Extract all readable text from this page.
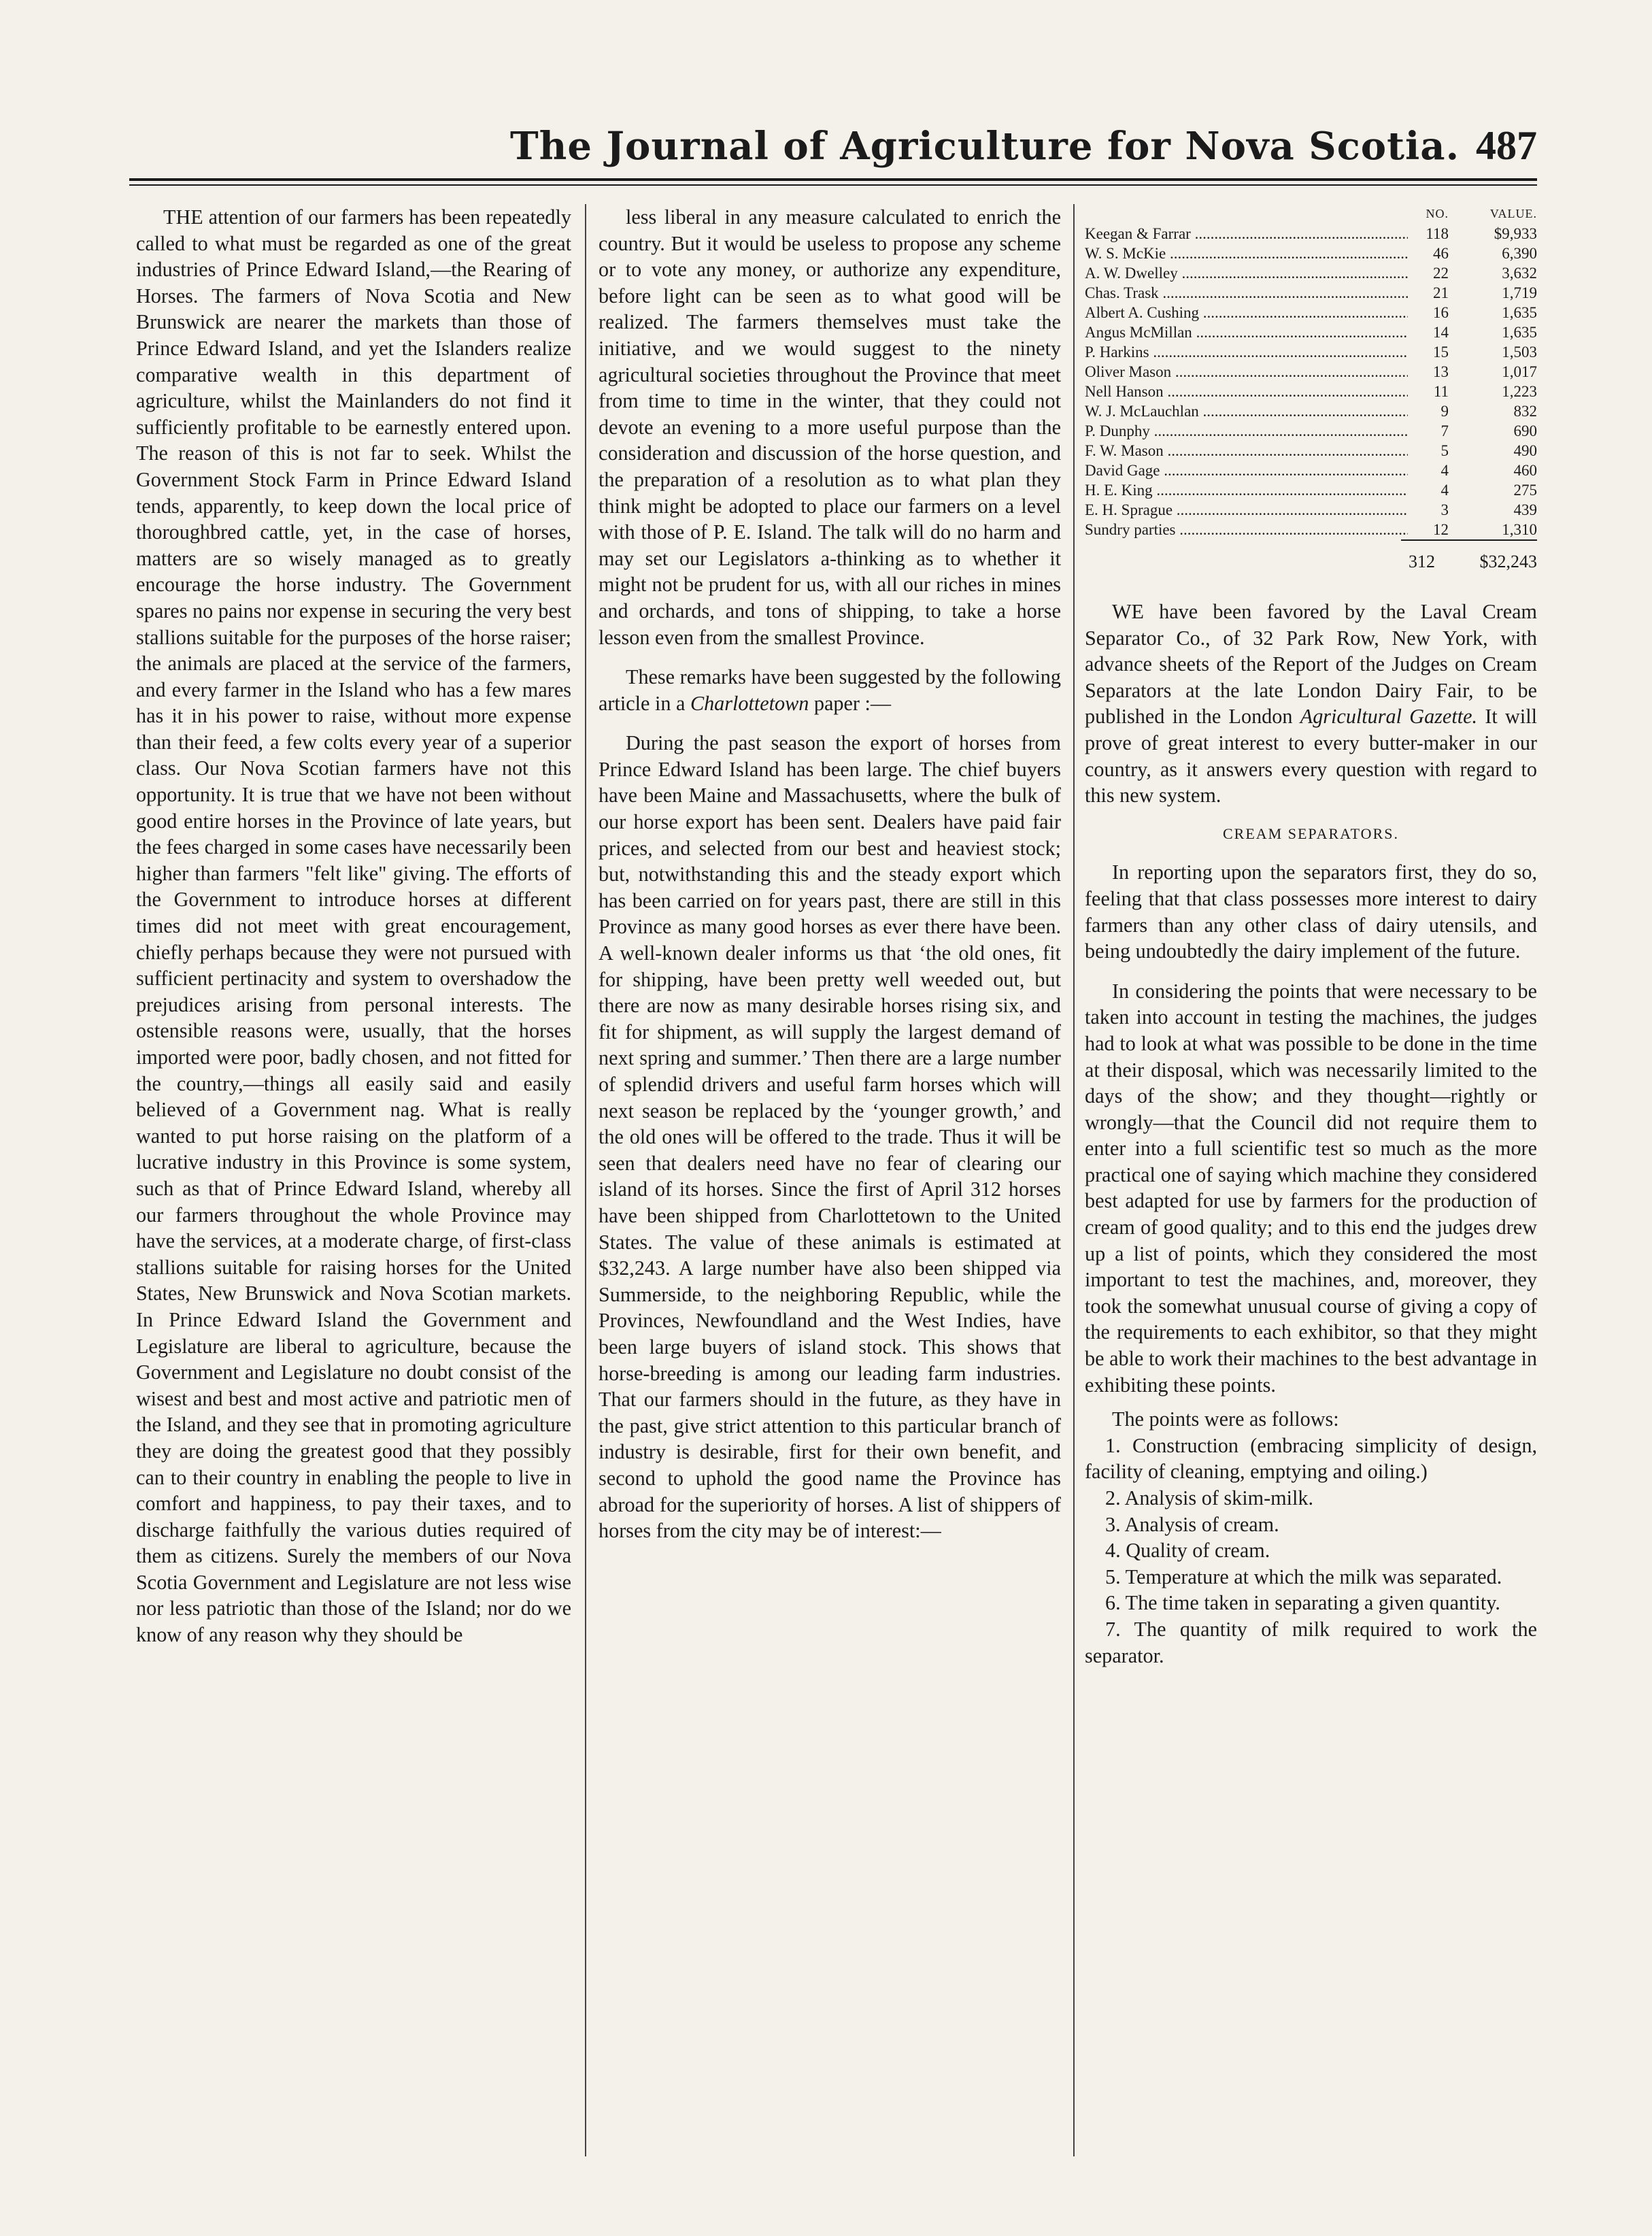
The Journal of Agriculture for Nova Scotia. 487

THE attention of our farmers has been repeatedly called to what must be regarded as one of the great industries of Prince Edward Island,—the Rearing of Horses. The farmers of Nova Scotia and New Brunswick are nearer the markets than those of Prince Edward Island, and yet the Islanders realize comparative wealth in this department of agriculture, whilst the Mainlanders do not find it sufficiently profitable to be earnestly entered upon. The reason of this is not far to seek. Whilst the Government Stock Farm in Prince Edward Island tends, apparently, to keep down the local price of thoroughbred cattle, yet, in the case of horses, matters are so wisely managed as to greatly encourage the horse industry. The Government spares no pains nor expense in securing the very best stallions suitable for the purposes of the horse raiser; the animals are placed at the service of the farmers, and every farmer in the Island who has a few mares has it in his power to raise, without more expense than their feed, a few colts every year of a superior class. Our Nova Scotian farmers have not this opportunity. It is true that we have not been without good entire horses in the Province of late years, but the fees charged in some cases have necessarily been higher than farmers "felt like" giving. The efforts of the Government to introduce horses at different times did not meet with great encouragement, chiefly perhaps because they were not pursued with sufficient pertinacity and system to overshadow the prejudices arising from personal interests. The ostensible reasons were, usually, that the horses imported were poor, badly chosen, and not fitted for the country,—things all easily said and easily believed of a Government nag. What is really wanted to put horse raising on the platform of a lucrative industry in this Province is some system, such as that of Prince Edward Island, whereby all our farmers throughout the whole Province may have the services, at a moderate charge, of first-class stallions suitable for raising horses for the United States, New Brunswick and Nova Scotian markets. In Prince Edward Island the Government and Legislature are liberal to agriculture, because the Government and Legislature no doubt consist of the wisest and best and most active and patriotic men of the Island, and they see that in promoting agriculture they are doing the greatest good that they possibly can to their country in enabling the people to live in comfort and happiness, to pay their taxes, and to discharge faithfully the various duties required of them as citizens. Surely the members of our Nova Scotia Government and Legislature are not less wise nor less patriotic than those of the Island; nor do we know of any reason why they should be

less liberal in any measure calculated to enrich the country. But it would be useless to propose any scheme or to vote any money, or authorize any expenditure, before light can be seen as to what good will be realized. The farmers themselves must take the initiative, and we would suggest to the ninety agricultural societies throughout the Province that meet from time to time in the winter, that they could not devote an evening to a more useful purpose than the consideration and discussion of the horse question, and the preparation of a resolution as to what plan they think might be adopted to place our farmers on a level with those of P. E. Island. The talk will do no harm and may set our Legislators a-thinking as to whether it might not be prudent for us, with all our riches in mines and orchards, and tons of shipping, to take a horse lesson even from the smallest Province.

These remarks have been suggested by the following article in a Charlottetown paper :—

During the past season the export of horses from Prince Edward Island has been large. The chief buyers have been Maine and Massachusetts, where the bulk of our horse export has been sent. Dealers have paid fair prices, and selected from our best and heaviest stock; but, notwithstanding this and the steady export which has been carried on for years past, there are still in this Province as many good horses as ever there have been. A well-known dealer informs us that ‘the old ones, fit for shipping, have been pretty well weeded out, but there are now as many desirable horses rising six, and fit for shipment, as will supply the largest demand of next spring and summer.’ Then there are a large number of splendid drivers and useful farm horses which will next season be replaced by the ‘younger growth,’ and the old ones will be offered to the trade. Thus it will be seen that dealers need have no fear of clearing our island of its horses. Since the first of April 312 horses have been shipped from Charlottetown to the United States. The value of these animals is estimated at $32,243. A large number have also been shipped via Summerside, to the neighboring Republic, while the Provinces, Newfoundland and the West Indies, have been large buyers of island stock. This shows that horse-breeding is among our leading farm industries. That our farmers should in the future, as they have in the past, give strict attention to this particular branch of industry is desirable, first for their own benefit, and second to uphold the good name the Province has abroad for the superiority of horses. A list of shippers of horses from the city may be of interest:—

NO.	VALUE.
Keegan & Farrar .....	118	$9,933
W. S. McKie .....	46	6,390
A. W. Dwelley .....	22	3,632
Chas. Trask .....	21	1,719
Albert A. Cushing .....	16	1,635
Angus McMillan .....	14	1,635
P. Harkins .....	15	1,503
Oliver Mason .....	13	1,017
Nell Hanson .....	11	1,223
W. J. McLauchlan .....	9	832
P. Dunphy .....	7	690
F. W. Mason .....	5	490
David Gage .....	4	460
H. E. King .....	4	275
E. H. Sprague .....	3	439
Sundry parties .....	12	1,310
312	$32,243

WE have been favored by the Laval Cream Separator Co., of 32 Park Row, New York, with advance sheets of the Report of the Judges on Cream Separators at the late London Dairy Fair, to be published in the London Agricultural Gazette. It will prove of great interest to every butter-maker in our country, as it answers every question with regard to this new system.

CREAM SEPARATORS.

In reporting upon the separators first, they do so, feeling that that class possesses more interest to dairy farmers than any other class of dairy utensils, and being undoubtedly the dairy implement of the future.

In considering the points that were necessary to be taken into account in testing the machines, the judges had to look at what was possible to be done in the time at their disposal, which was necessarily limited to the days of the show; and they thought—rightly or wrongly—that the Council did not require them to enter into a full scientific test so much as the more practical one of saying which machine they considered best adapted for use by farmers for the production of cream of good quality; and to this end the judges drew up a list of points, which they considered the most important to test the machines, and, moreover, they took the somewhat unusual course of giving a copy of the requirements to each exhibitor, so that they might be able to work their machines to the best advantage in exhibiting these points.

The points were as follows:

1. Construction (embracing simplicity of design, facility of cleaning, emptying and oiling.)

2. Analysis of skim-milk.

3. Analysis of cream.

4. Quality of cream.

5. Temperature at which the milk was separated.

6. The time taken in separating a given quantity.

7. The quantity of milk required to work the separator.
